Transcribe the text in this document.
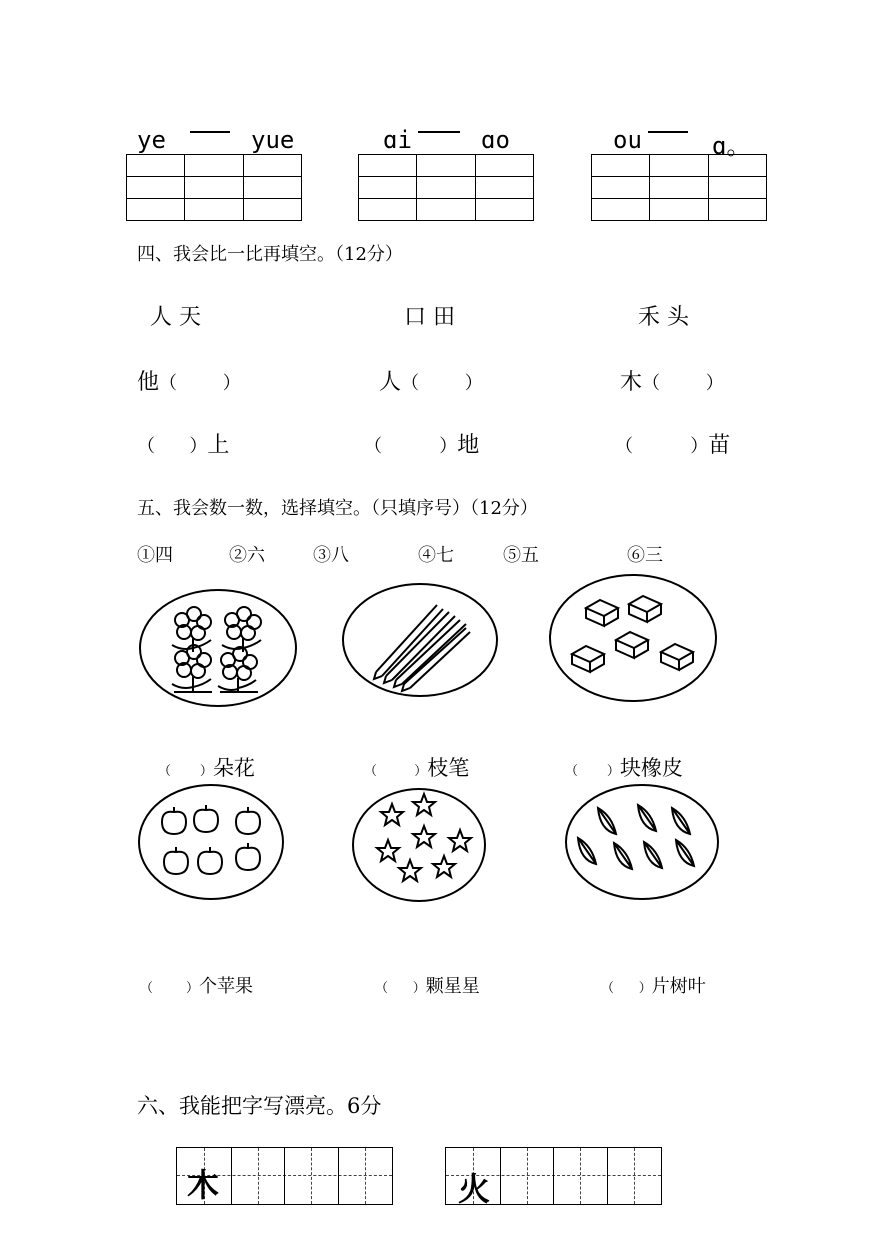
ye	yue

			ɑi	ɑo

			ou	ɑ。

四、我会比一比再填空。（12分）
人 天	口 田	禾 头
他（        ）	人（        ）	木（        ）
（      ）上	（          ）地	（          ）苗
五、我会数一数，选择填空。（只填序号）（12分）
①四	②六	③八	④七	⑤五	⑥三
（       ）朵花	（         ）枝笔	（       ）块橡皮
（        ）个苹果	（      ）颗星星	（      ）片树叶
六、我能把字写漂亮。6分
木	火
